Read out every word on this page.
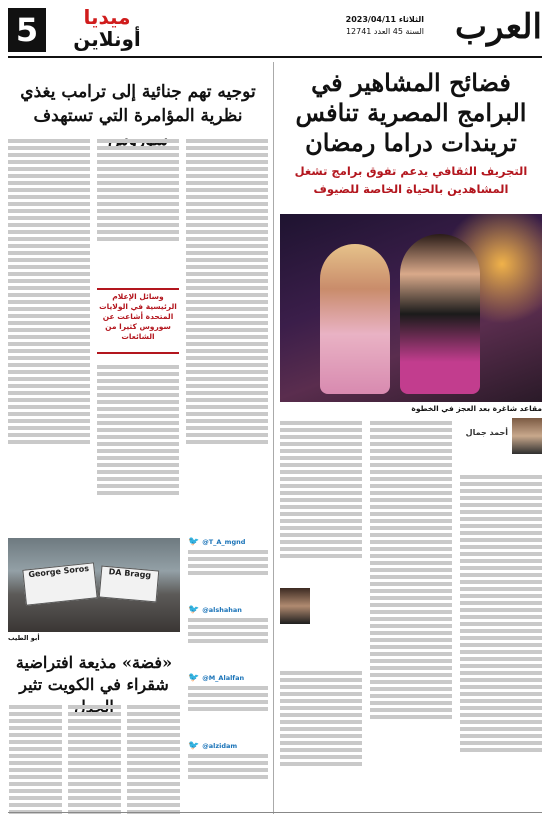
العرب
الثلاثاء 2023/04/11
السنة 45 العدد 12741
ميديا
أونلاين
5
فضائح المشاهير في البرامج المصرية تنافس تريندات دراما رمضان
التجريف الثقافي يدعم تفوق برامج تشغل المشاهدين بالحياة الخاصة للضيوف
مقاعد شاغرة بعد العجز في الخطوة
أحمد جمال
توجيه تهم جنائية إلى ترامب يغذي نظرية المؤامرة التي تستهدف
وسائل الإعلام الرئيسية في الولايات المتحدة أشاعت عن سوروس كثيرا من الشائعات
George Soros	DA Bragg
أبو الطيب
«فضة» مذيعة افتراضية شقراء في الكويت تثير
🐦 @T_A_mgnd
🐦 @alshahan
🐦 @M_Alalfan
🐦 @alzidam
